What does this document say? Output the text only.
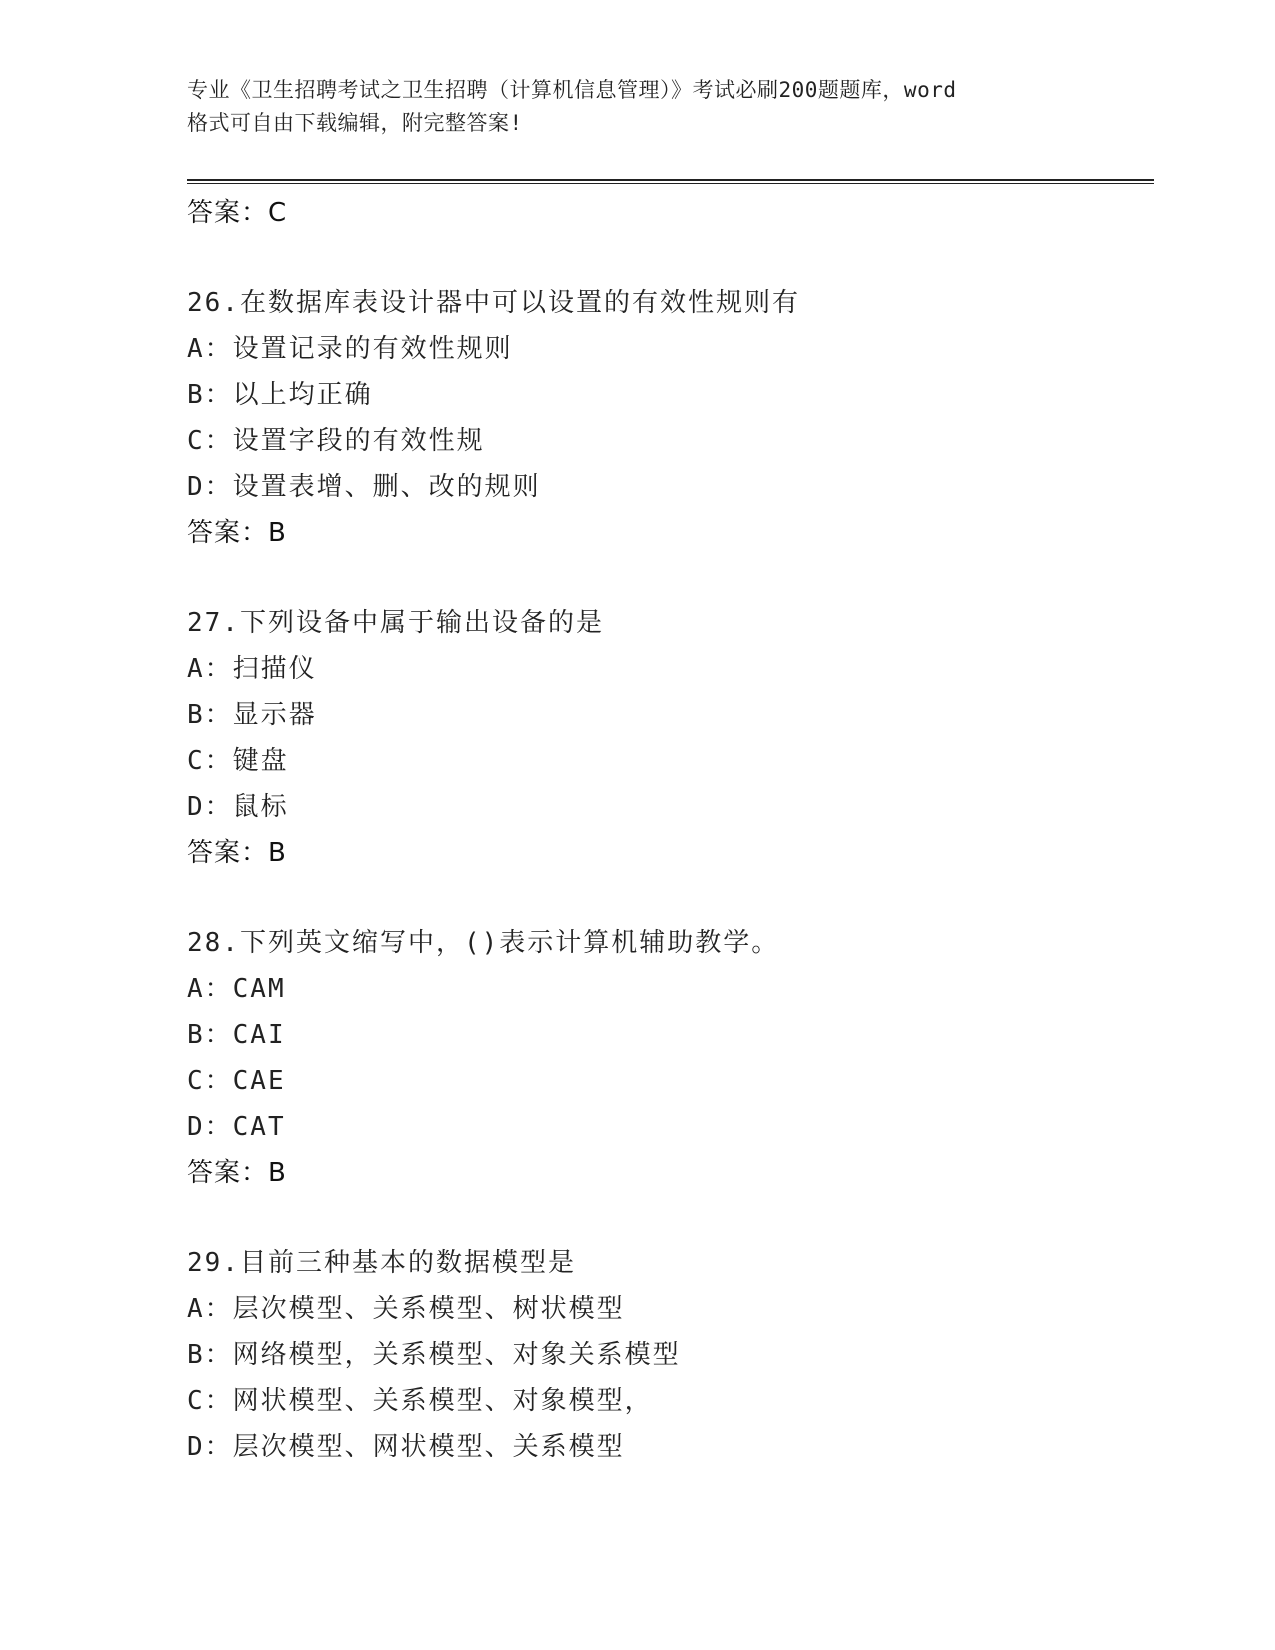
专业《卫生招聘考试之卫生招聘（计算机信息管理）》考试必刷200题题库，word
格式可自由下载编辑，附完整答案!
答案：C
26.在数据库表设计器中可以设置的有效性规则有
A：设置记录的有效性规则
B：以上均正确
C：设置字段的有效性规
D：设置表增、删、改的规则
答案：B
27.下列设备中属于输出设备的是
A：扫描仪
B：显示器
C：键盘
D：鼠标
答案：B
28.下列英文缩写中，()表示计算机辅助教学。
A：CAM
B：CAI
C：CAE
D：CAT
答案：B
29.目前三种基本的数据模型是
A：层次模型、关系模型、树状模型
B：网络模型，关系模型、对象关系模型
C：网状模型、关系模型、对象模型，
D：层次模型、网状模型、关系模型
